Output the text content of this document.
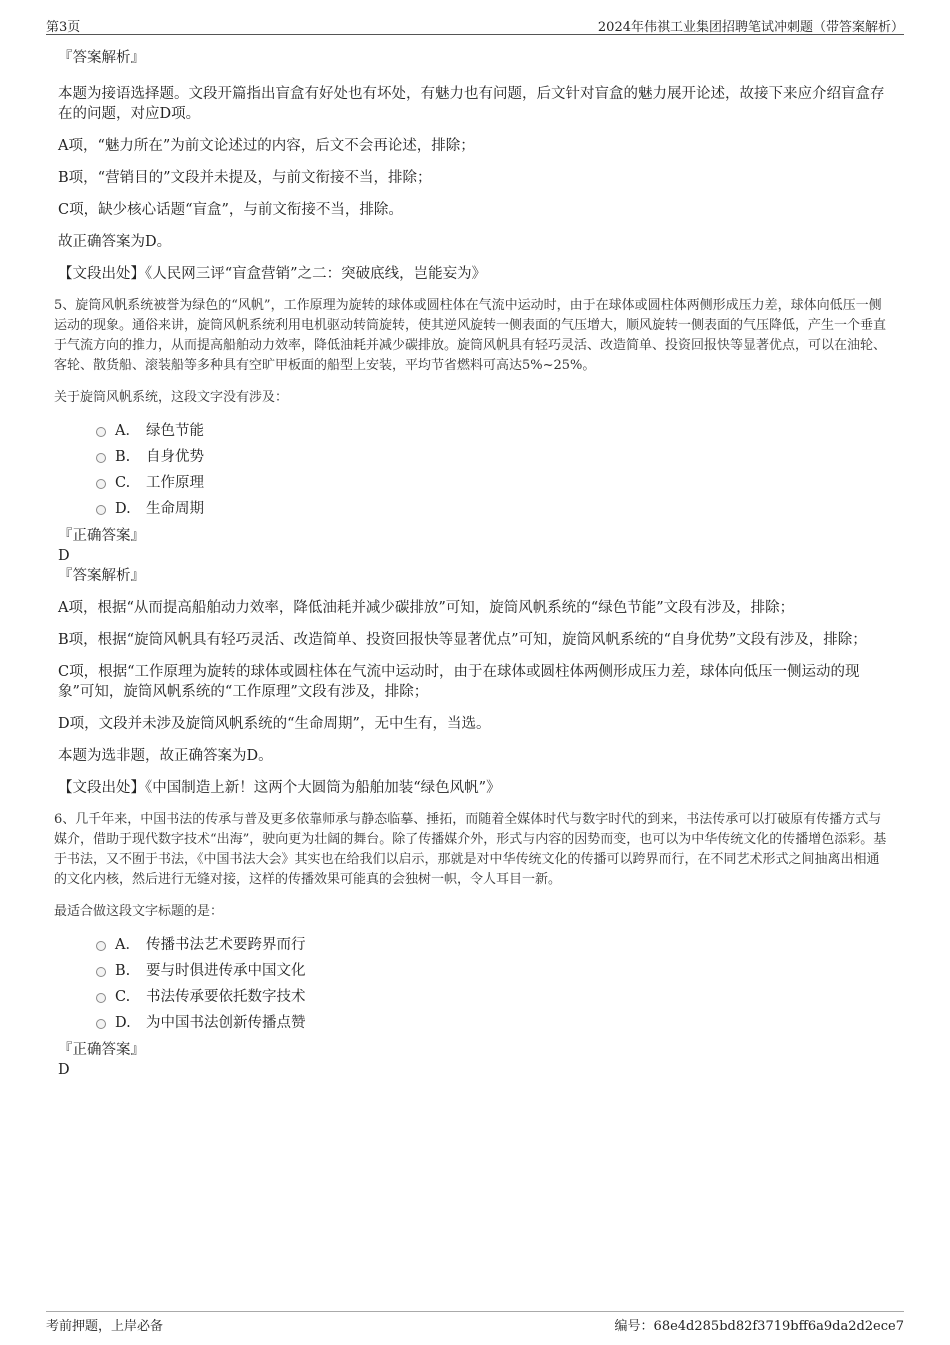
第3页	2024年伟祺工业集团招聘笔试冲刺题（带答案解析）

『答案解析』

本题为接语选择题。文段开篇指出盲盒有好处也有坏处，有魅力也有问题，后文针对盲盒的魅力展开论述，故接下来应介绍盲盒存在的问题，对应D项。

A项，“魅力所在”为前文论述过的内容，后文不会再论述，排除；

B项，“营销目的”文段并未提及，与前文衔接不当，排除；

C项，缺少核心话题“盲盒”，与前文衔接不当，排除。

故正确答案为D。

【文段出处】《人民网三评“盲盒营销”之二：突破底线，岂能妄为》

5、旋筒风帆系统被誉为绿色的“风帆”，工作原理为旋转的球体或圆柱体在气流中运动时，由于在球体或圆柱体两侧形成压力差，球体向低压一侧运动的现象。通俗来讲，旋筒风帆系统利用电机驱动转筒旋转，使其逆风旋转一侧表面的气压增大，顺风旋转一侧表面的气压降低，产生一个垂直于气流方向的推力，从而提高船舶动力效率，降低油耗并减少碳排放。旋筒风帆具有轻巧灵活、改造简单、投资回报快等显著优点，可以在油轮、客轮、散货船、滚装船等多种具有空旷甲板面的船型上安装，平均节省燃料可高达5%~25%。

关于旋筒风帆系统，这段文字没有涉及：

A． 绿色节能
B. 自身优势
C. 工作原理
D. 生命周期

『正确答案』

D

『答案解析』

A项，根据“从而提高船舶动力效率，降低油耗并减少碳排放”可知，旋筒风帆系统的“绿色节能”文段有涉及，排除；

B项，根据“旋筒风帆具有轻巧灵活、改造简单、投资回报快等显著优点”可知，旋筒风帆系统的“自身优势”文段有涉及，排除；

C项，根据“工作原理为旋转的球体或圆柱体在气流中运动时，由于在球体或圆柱体两侧形成压力差，球体向低压一侧运动的现象”可知，旋筒风帆系统的“工作原理”文段有涉及，排除；

D项，文段并未涉及旋筒风帆系统的“生命周期”，无中生有，当选。

本题为选非题，故正确答案为D。

【文段出处】《中国制造上新！这两个大圆筒为船舶加装“绿色风帆”》

6、几千年来，中国书法的传承与普及更多依靠师承与静态临摹、捶拓，而随着全媒体时代与数字时代的到来，书法传承可以打破原有传播方式与媒介，借助于现代数字技术“出海”，驶向更为壮阔的舞台。除了传播媒介外，形式与内容的因势而变，也可以为中华传统文化的传播增色添彩。基于书法，又不囿于书法，《中国书法大会》其实也在给我们以启示，那就是对中华传统文化的传播可以跨界而行，在不同艺术形式之间抽离出相通的文化内核，然后进行无缝对接，这样的传播效果可能真的会独树一帜，令人耳目一新。

最适合做这段文字标题的是：

A． 传播书法艺术要跨界而行
B. 要与时俱进传承中国文化
C. 书法传承要依托数字技术
D. 为中国书法创新传播点赞

『正确答案』

D

考前押题，上岸必备	编号：68e4d285bd82f3719bff6a9da2d2ece7
